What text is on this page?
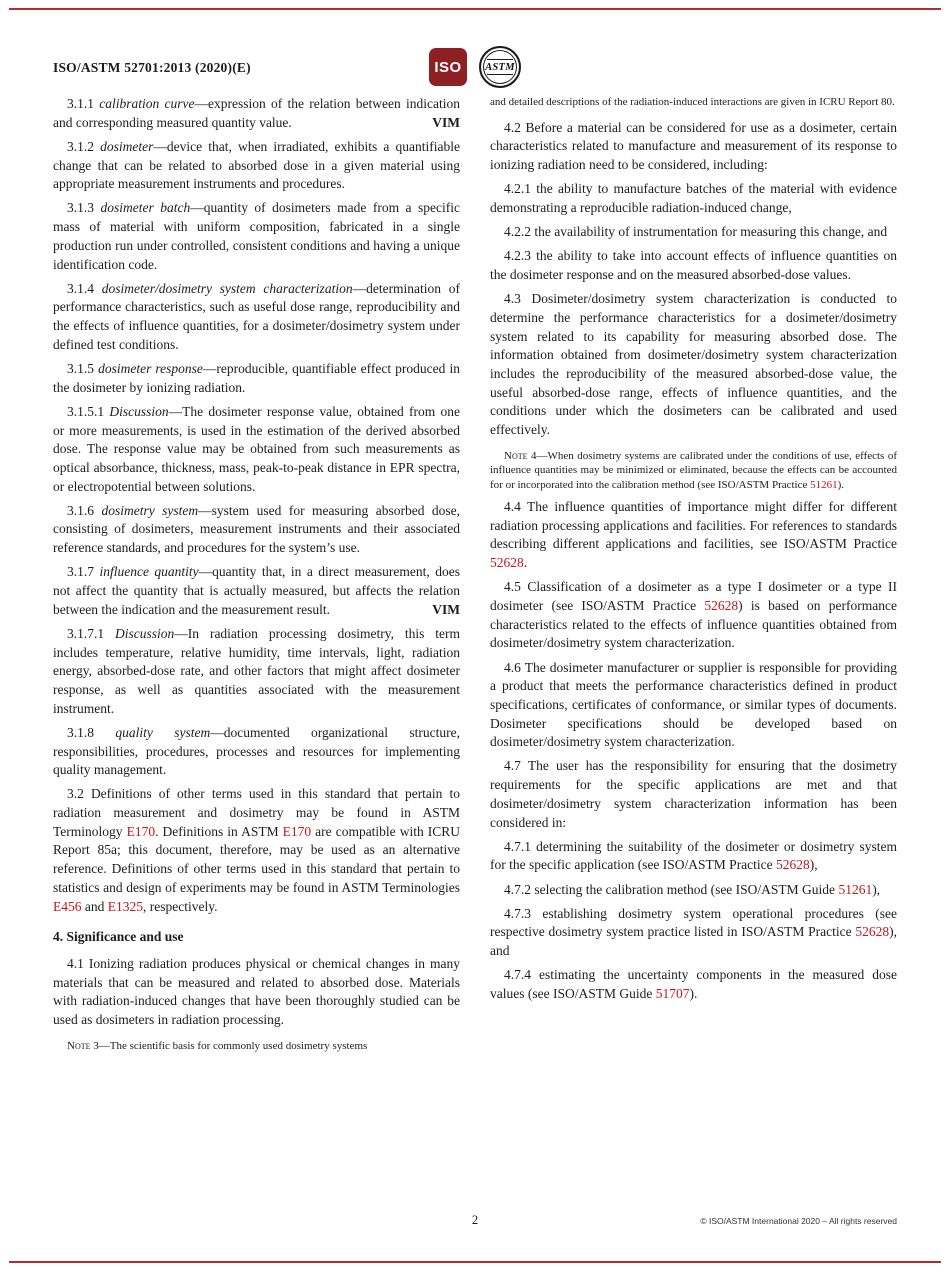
ISO/ASTM 52701:2013 (2020)(E)	ISO ASTM

3.1.1 calibration curve—expression of the relation between indication and corresponding measured quantity value.	VIM

3.1.2 dosimeter—device that, when irradiated, exhibits a quantifiable change that can be related to absorbed dose in a given material using appropriate measurement instruments and procedures.

3.1.3 dosimeter batch—quantity of dosimeters made from a specific mass of material with uniform composition, fabricated in a single production run under controlled, consistent conditions and having a unique identification code.

3.1.4 dosimeter/dosimetry system characterization—determination of performance characteristics, such as useful dose range, reproducibility and the effects of influence quantities, for a dosimeter/dosimetry system under defined test conditions.

3.1.5 dosimeter response—reproducible, quantifiable effect produced in the dosimeter by ionizing radiation.

3.1.5.1 Discussion—The dosimeter response value, obtained from one or more measurements, is used in the estimation of the derived absorbed dose. The response value may be obtained from such measurements as optical absorbance, thickness, mass, peak-to-peak distance in EPR spectra, or electropotential between solutions.

3.1.6 dosimetry system—system used for measuring absorbed dose, consisting of dosimeters, measurement instruments and their associated reference standards, and procedures for the system’s use.

3.1.7 influence quantity—quantity that, in a direct measurement, does not affect the quantity that is actually measured, but affects the relation between the indication and the measurement result.	VIM

3.1.7.1 Discussion—In radiation processing dosimetry, this term includes temperature, relative humidity, time intervals, light, radiation energy, absorbed-dose rate, and other factors that might affect dosimeter response, as well as quantities associated with the measurement instrument.

3.1.8 quality system—documented organizational structure, responsibilities, procedures, processes and resources for implementing quality management.

3.2 Definitions of other terms used in this standard that pertain to radiation measurement and dosimetry may be found in ASTM Terminology E170. Definitions in ASTM E170 are compatible with ICRU Report 85a; this document, therefore, may be used as an alternative reference. Definitions of other terms used in this standard that pertain to statistics and design of experiments may be found in ASTM Terminologies E456 and E1325, respectively.

4. Significance and use

4.1 Ionizing radiation produces physical or chemical changes in many materials that can be measured and related to absorbed dose. Materials with radiation-induced changes that have been thoroughly studied can be used as dosimeters in radiation processing.

Note 3—The scientific basis for commonly used dosimetry systems

and detailed descriptions of the radiation-induced interactions are given in ICRU Report 80.

4.2 Before a material can be considered for use as a dosimeter, certain characteristics related to manufacture and measurement of its response to ionizing radiation need to be considered, including:

4.2.1 the ability to manufacture batches of the material with evidence demonstrating a reproducible radiation-induced change,

4.2.2 the availability of instrumentation for measuring this change, and

4.2.3 the ability to take into account effects of influence quantities on the dosimeter response and on the measured absorbed-dose values.

4.3 Dosimeter/dosimetry system characterization is conducted to determine the performance characteristics for a dosimeter/dosimetry system related to its capability for measuring absorbed dose. The information obtained from dosimeter/dosimetry system characterization includes the reproducibility of the measured absorbed-dose value, the useful absorbed-dose range, effects of influence quantities, and the conditions under which the dosimeters can be calibrated and used effectively.

Note 4—When dosimetry systems are calibrated under the conditions of use, effects of influence quantities may be minimized or eliminated, because the effects can be accounted for or incorporated into the calibration method (see ISO/ASTM Practice 51261).

4.4 The influence quantities of importance might differ for different radiation processing applications and facilities. For references to standards describing different applications and facilities, see ISO/ASTM Practice 52628.

4.5 Classification of a dosimeter as a type I dosimeter or a type II dosimeter (see ISO/ASTM Practice 52628) is based on performance characteristics related to the effects of influence quantities obtained from dosimeter/dosimetry system characterization.

4.6 The dosimeter manufacturer or supplier is responsible for providing a product that meets the performance characteristics defined in product specifications, certificates of conformance, or similar types of documents. Dosimeter specifications should be developed based on dosimeter/dosimetry system characterization.

4.7 The user has the responsibility for ensuring that the dosimetry requirements for the specific applications are met and that dosimeter/dosimetry system characterization information has been considered in:

4.7.1 determining the suitability of the dosimeter or dosimetry system for the specific application (see ISO/ASTM Practice 52628),

4.7.2 selecting the calibration method (see ISO/ASTM Guide 51261),

4.7.3 establishing dosimetry system operational procedures (see respective dosimetry system practice listed in ISO/ASTM Practice 52628), and

4.7.4 estimating the uncertainty components in the measured dose values (see ISO/ASTM Guide 51707).

2	© ISO/ASTM International 2020 – All rights reserved
